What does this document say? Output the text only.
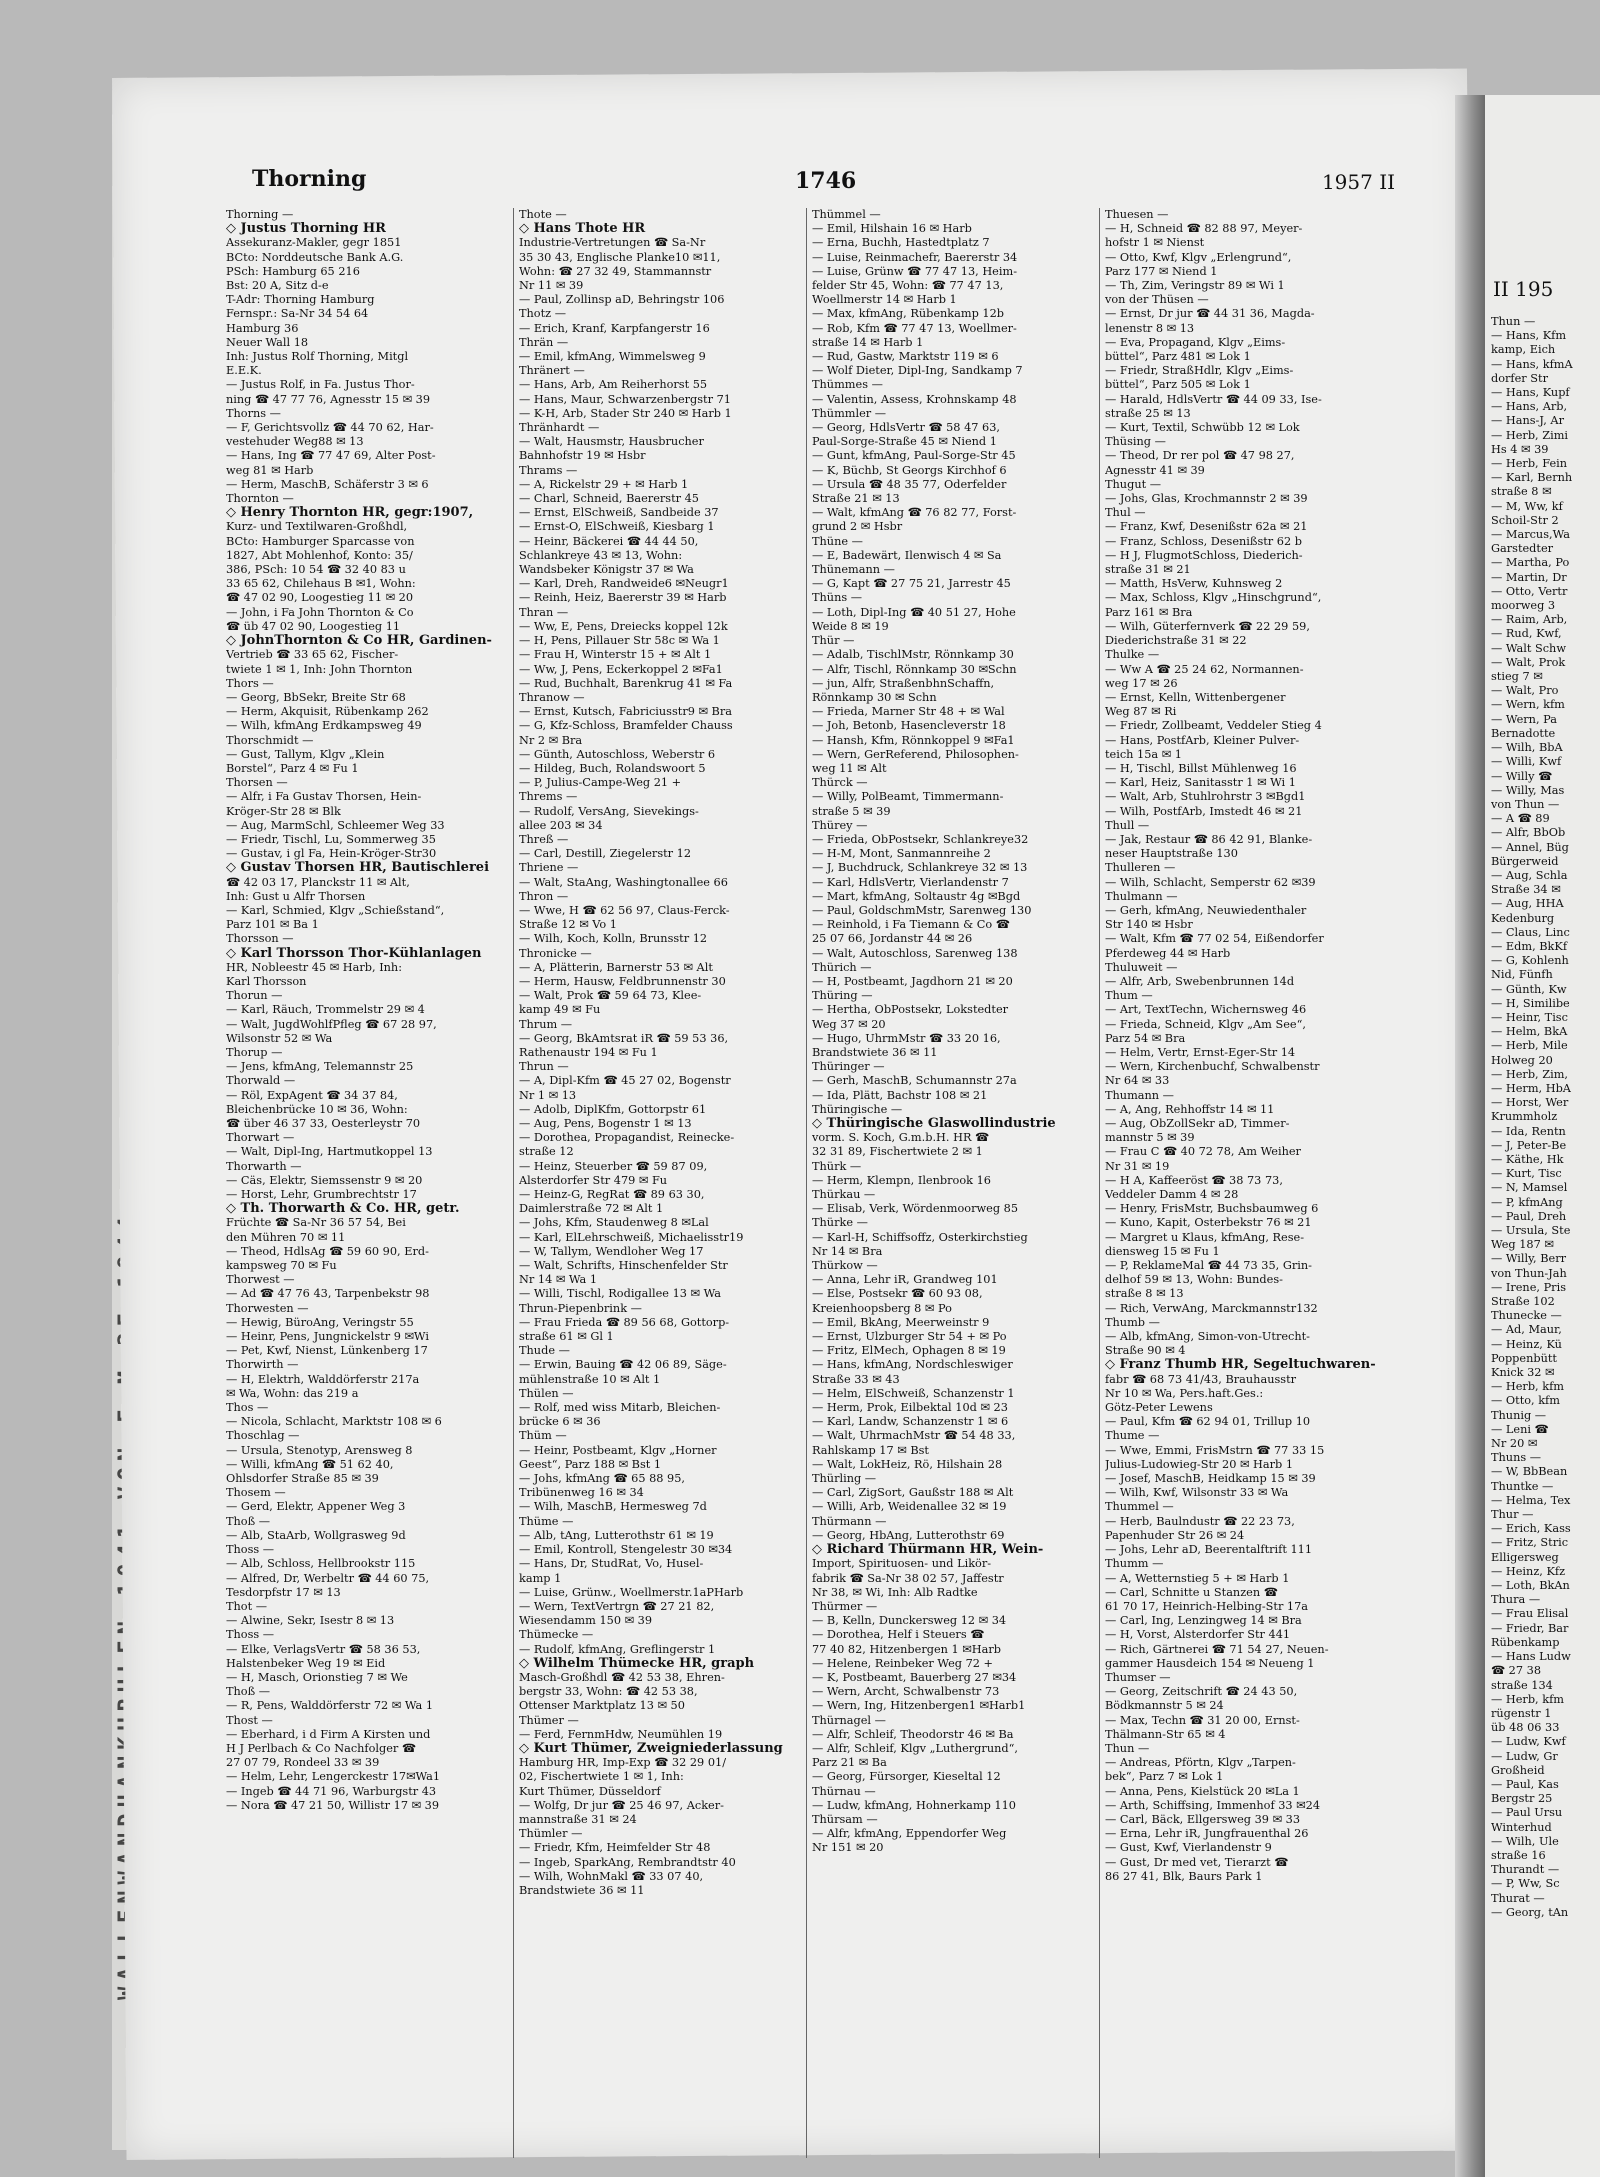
Thorning	1746	1957 II
Thorning —
◇ Justus Thorning HR
Assekuranz-Makler, gegr 1851
BCto: Norddeutsche Bank A.G.
PSch: Hamburg 65 216
Bst: 20 A, Sitz d-e
T-Adr: Thorning Hamburg
Fernspr.: Sa-Nr 34 54 64
Hamburg 36
Neuer Wall 18
Inh: Justus Rolf Thorning, Mitgl
E.E.K.
— Justus Rolf, in Fa. Justus Thor-
ning ☎ 47 77 76, Agnesstr 15 ✉ 39
Thorns —
— F, Gerichtsvollz ☎ 44 70 62, Har-
vestehuder Weg88 ✉ 13
— Hans, Ing ☎ 77 47 69, Alter Post-
weg 81 ✉ Harb
— Herm, MaschB, Schäferstr 3 ✉ 6
Thornton —
◇ Henry Thornton HR, gegr:1907,
Kurz- und Textilwaren-Großhdl,
BCto: Hamburger Sparcasse von
1827, Abt Mohlenhof, Konto: 35/
386, PSch: 10 54 ☎ 32 40 83 u
33 65 62, Chilehaus B ✉1, Wohn:
☎ 47 02 90, Loogestieg 11 ✉ 20
— John, i Fa John Thornton & Co
☎ üb 47 02 90, Loogestieg 11
◇ JohnThornton & Co HR, Gardinen-
Vertrieb ☎ 33 65 62, Fischer-
twiete 1 ✉ 1, Inh: John Thornton
Thors —
— Georg, BbSekr, Breite Str 68
— Herm, Akquisit, Rübenkamp 262
— Wilh, kfmAng Erdkampsweg 49
Thorschmidt —
— Gust, Tallym, Klgv „Klein
Borstel“, Parz 4 ✉ Fu 1
Thorsen —
— Alfr, i Fa Gustav Thorsen, Hein-
Kröger-Str 28 ✉ Blk
— Aug, MarmSchl, Schleemer Weg 33
— Friedr, Tischl, Lu, Sommerweg 35
— Gustav, i gl Fa, Hein-Kröger-Str30
◇ Gustav Thorsen HR, Bautischlerei
☎ 42 03 17, Planckstr 11 ✉ Alt,
Inh: Gust u Alfr Thorsen
— Karl, Schmied, Klgv „Schießstand“,
Parz 101 ✉ Ba 1
Thorsson —
◇ Karl Thorsson Thor-Kühlanlagen
HR, Nobleestr 45 ✉ Harb, Inh:
Karl Thorsson
Thorun —
— Karl, Räuch, Trommelstr 29 ✉ 4
— Walt, JugdWohlfPfleg ☎ 67 28 97,
Wilsonstr 52 ✉ Wa
Thorup —
— Jens, kfmAng, Telemannstr 25
Thorwald —
— Röl, ExpAgent ☎ 34 37 84,
Bleichenbrücke 10 ✉ 36, Wohn:
☎ über 46 37 33, Oesterleystr 70
Thorwart —
— Walt, Dipl-Ing, Hartmutkoppel 13
Thorwarth —
— Cäs, Elektr, Siemssenstr 9 ✉ 20
— Horst, Lehr, Grumbrechtstr 17
◇ Th. Thorwarth & Co. HR, getr.
Früchte ☎ Sa-Nr 36 57 54, Bei
den Mühren 70 ✉ 11
— Theod, HdlsAg ☎ 59 60 90, Erd-
kampsweg 70 ✉ Fu
Thorwest —
— Ad ☎ 47 76 43, Tarpenbekstr 98
Thorwesten —
— Hewig, BüroAng, Veringstr 55
— Heinr, Pens, Jungnickelstr 9 ✉Wi
— Pet, Kwf, Nienst, Lünkenberg 17
Thorwirth —
— H, Elektrh, Walddörferstr 217a
✉ Wa, Wohn: das 219 a
Thos —
— Nicola, Schlacht, Marktstr 108 ✉ 6
Thoschlag —
— Ursula, Stenotyp, Arensweg 8
— Willi, kfmAng ☎ 51 62 40,
Ohlsdorfer Straße 85 ✉ 39
Thosem —
— Gerd, Elektr, Appener Weg 3
Thoß —
— Alb, StaArb, Wollgrasweg 9d
Thoss —
— Alb, Schloss, Hellbrookstr 115
— Alfred, Dr, Werbeltr ☎ 44 60 75,
Tesdorpfstr 17 ✉ 13
Thot —
— Alwine, Sekr, Isestr 8 ✉ 13
Thoss —
— Elke, VerlagsVertr ☎ 58 36 53,
Halstenbeker Weg 19 ✉ Eid
— H, Masch, Orionstieg 7 ✉ We
Thoß —
— R, Pens, Walddörferstr 72 ✉ Wa 1
Thost —
— Eberhard, i d Firm A Kirsten und
H J Perlbach & Co Nachfolger ☎
27 07 79, Rondeel 33 ✉ 39
— Helm, Lehr, Lengerckestr 17✉Wa1
— Ingeb ☎ 44 71 96, Warburgstr 43
— Nora ☎ 47 21 50, Willistr 17 ✉ 39
Thote —
◇ Hans Thote HR
Industrie-Vertretungen ☎ Sa-Nr
35 30 43, Englische Planke10 ✉11,
Wohn: ☎ 27 32 49, Stammannstr
Nr 11 ✉ 39
— Paul, Zollinsp aD, Behringstr 106
Thotz —
— Erich, Kranf, Karpfangerstr 16
Thrän —
— Emil, kfmAng, Wimmelsweg 9
Thränert —
— Hans, Arb, Am Reiherhorst 55
— Hans, Maur, Schwarzenbergstr 71
— K-H, Arb, Stader Str 240 ✉ Harb 1
Thränhardt —
— Walt, Hausmstr, Hausbrucher
Bahnhofstr 19 ✉ Hsbr
Thrams —
— A, Rickelstr 29 + ✉ Harb 1
— Charl, Schneid, Baererstr 45
— Ernst, ElSchweiß, Sandbeide 37
— Ernst-O, ElSchweiß, Kiesbarg 1
— Heinr, Bäckerei ☎ 44 44 50,
Schlankreye 43 ✉ 13, Wohn:
Wandsbeker Königstr 37 ✉ Wa
— Karl, Dreh, Randweide6 ✉Neugr1
— Reinh, Heiz, Baererstr 39 ✉ Harb
Thran —
— Ww, E, Pens, Dreiecks koppel 12k
— H, Pens, Pillauer Str 58c ✉ Wa 1
— Frau H, Winterstr 15 + ✉ Alt 1
— Ww, J, Pens, Eckerkoppel 2 ✉Fa1
— Rud, Buchhalt, Barenkrug 41 ✉ Fa
Thranow —
— Ernst, Kutsch, Fabriciusstr9 ✉ Bra
— G, Kfz-Schloss, Bramfelder Chauss
Nr 2 ✉ Bra
— Günth, Autoschloss, Weberstr 6
— Hildeg, Buch, Rolandswoort 5
— P, Julius-Campe-Weg 21 +
Threms —
— Rudolf, VersAng, Sievekings-
allee 203 ✉ 34
Threß —
— Carl, Destill, Ziegelerstr 12
Thriene —
— Walt, StaAng, Washingtonallee 66
Thron —
— Wwe, H ☎ 62 56 97, Claus-Ferck-
Straße 12 ✉ Vo 1
— Wilh, Koch, Kolln, Brunsstr 12
Thronicke —
— A, Plätterin, Barnerstr 53 ✉ Alt
— Herm, Hausw, Feldbrunnenstr 30
— Walt, Prok ☎ 59 64 73, Klee-
kamp 49 ✉ Fu
Thrum —
— Georg, BkAmtsrat iR ☎ 59 53 36,
Rathenaustr 194 ✉ Fu 1
Thrun —
— A, Dipl-Kfm ☎ 45 27 02, Bogenstr
Nr 1 ✉ 13
— Adolb, DiplKfm, Gottorpstr 61
— Aug, Pens, Bogenstr 1 ✉ 13
— Dorothea, Propagandist, Reinecke-
straße 12
— Heinz, Steuerber ☎ 59 87 09,
Alsterdorfer Str 479 ✉ Fu
— Heinz-G, RegRat ☎ 89 63 30,
Daimlerstraße 72 ✉ Alt 1
— Johs, Kfm, Staudenweg 8 ✉Lal
— Karl, ElLehrschweiß, Michaelisstr19
— W, Tallym, Wendloher Weg 17
— Walt, Schrifts, Hinschenfelder Str
Nr 14 ✉ Wa 1
— Willi, Tischl, Rodigallee 13 ✉ Wa
Thrun-Piepenbrink —
— Frau Frieda ☎ 89 56 68, Gottorp-
straße 61 ✉ Gl 1
Thude —
— Erwin, Bauing ☎ 42 06 89, Säge-
mühlenstraße 10 ✉ Alt 1
Thülen —
— Rolf, med wiss Mitarb, Bleichen-
brücke 6 ✉ 36
Thüm —
— Heinr, Postbeamt, Klgv „Horner
Geest“, Parz 188 ✉ Bst 1
— Johs, kfmAng ☎ 65 88 95,
Tribünenweg 16 ✉ 34
— Wilh, MaschB, Hermesweg 7d
Thüme —
— Alb, tAng, Lutterothstr 61 ✉ 19
— Emil, Kontroll, Stengelestr 30 ✉34
— Hans, Dr, StudRat, Vo, Husel-
kamp 1
— Luise, Grünw., Woellmerstr.1aPHarb
— Wern, TextVertrgn ☎ 27 21 82,
Wiesendamm 150 ✉ 39
Thümecke —
— Rudolf, kfmAng, Greflingerstr 1
◇ Wilhelm Thümecke HR, graph
Masch-Großhdl ☎ 42 53 38, Ehren-
bergstr 33, Wohn: ☎ 42 53 38,
Ottenser Marktplatz 13 ✉ 50
Thümer —
— Ferd, FernmHdw, Neumühlen 19
◇ Kurt Thümer, Zweigniederlassung
Hamburg HR, Imp-Exp ☎ 32 29 01/
02, Fischertwiete 1 ✉ 1, Inh:
Kurt Thümer, Düsseldorf
— Wolfg, Dr jur ☎ 25 46 97, Acker-
mannstraße 31 ✉ 24
Thümler —
— Friedr, Kfm, Heimfelder Str 48
— Ingeb, SparkAng, Rembrandtstr 40
— Wilh, WohnMakl ☎ 33 07 40,
Brandstwiete 36 ✉ 11
Thümmel —
— Emil, Hilshain 16 ✉ Harb
— Erna, Buchh, Hastedtplatz 7
— Luise, Reinmachefr, Baererstr 34
— Luise, Grünw ☎ 77 47 13, Heim-
felder Str 45, Wohn: ☎ 77 47 13,
Woellmerstr 14 ✉ Harb 1
— Max, kfmAng, Rübenkamp 12b
— Rob, Kfm ☎ 77 47 13, Woellmer-
straße 14 ✉ Harb 1
— Rud, Gastw, Marktstr 119 ✉ 6
— Wolf Dieter, Dipl-Ing, Sandkamp 7
Thümmes —
— Valentin, Assess, Krohnskamp 48
Thümmler —
— Georg, HdlsVertr ☎ 58 47 63,
Paul-Sorge-Straße 45 ✉ Niend 1
— Gunt, kfmAng, Paul-Sorge-Str 45
— K, Büchb, St Georgs Kirchhof 6
— Ursula ☎ 48 35 77, Oderfelder
Straße 21 ✉ 13
— Walt, kfmAng ☎ 76 82 77, Forst-
grund 2 ✉ Hsbr
Thüne —
— E, Badewärt, Ilenwisch 4 ✉ Sa
Thünemann —
— G, Kapt ☎ 27 75 21, Jarrestr 45
Thüns —
— Loth, Dipl-Ing ☎ 40 51 27, Hohe
Weide 8 ✉ 19
Thür —
— Adalb, TischlMstr, Rönnkamp 30
— Alfr, Tischl, Rönnkamp 30 ✉Schn
— jun, Alfr, StraßenbhnSchaffn,
Rönnkamp 30 ✉ Schn
— Frieda, Marner Str 48 + ✉ Wal
— Joh, Betonb, Hasencleverstr 18
— Hansh, Kfm, Rönnkoppel 9 ✉Fa1
— Wern, GerReferend, Philosophen-
weg 11 ✉ Alt
Thürck —
— Willy, PolBeamt, Timmermann-
straße 5 ✉ 39
Thürey —
— Frieda, ObPostsekr, Schlankreye32
— H-M, Mont, Sanmannreihe 2
— J, Buchdruck, Schlankreye 32 ✉ 13
— Karl, HdlsVertr, Vierlandenstr 7
— Mart, kfmAng, Soltaustr 4g ✉Bgd
— Paul, GoldschmMstr, Sarenweg 130
— Reinhold, i Fa Tiemann & Co ☎
25 07 66, Jordanstr 44 ✉ 26
— Walt, Autoschloss, Sarenweg 138
Thürich —
— H, Postbeamt, Jagdhorn 21 ✉ 20
Thüring —
— Hertha, ObPostsekr, Lokstedter
Weg 37 ✉ 20
— Hugo, UhrmMstr ☎ 33 20 16,
Brandstwiete 36 ✉ 11
Thüringer —
— Gerh, MaschB, Schumannstr 27a
— Ida, Plätt, Bachstr 108 ✉ 21
Thüringische —
◇ Thüringische Glaswollindustrie
vorm. S. Koch, G.m.b.H. HR ☎
32 31 89, Fischertwiete 2 ✉ 1
Thürk —
— Herm, Klempn, Ilenbrook 16
Thürkau —
— Elisab, Verk, Wördenmoorweg 85
Thürke —
— Karl-H, Schiffsoffz, Osterkirchstieg
Nr 14 ✉ Bra
Thürkow —
— Anna, Lehr iR, Grandweg 101
— Else, Postsekr ☎ 60 93 08,
Kreienhoopsberg 8 ✉ Po
— Emil, BkAng, Meerweinstr 9
— Ernst, Ulzburger Str 54 + ✉ Po
— Fritz, ElMech, Ophagen 8 ✉ 19
— Hans, kfmAng, Nordschleswiger
Straße 33 ✉ 43
— Helm, ElSchweiß, Schanzenstr 1
— Herm, Prok, Eilbektal 10d ✉ 23
— Karl, Landw, Schanzenstr 1 ✉ 6
— Walt, UhrmachMstr ☎ 54 48 33,
Rahlskamp 17 ✉ Bst
— Walt, LokHeiz, Rö, Hilshain 28
Thürling —
— Carl, ZigSort, Gaußstr 188 ✉ Alt
— Willi, Arb, Weidenallee 32 ✉ 19
Thürmann —
— Georg, HbAng, Lutterothstr 69
◇ Richard Thürmann HR, Wein-
Import, Spirituosen- und Likör-
fabrik ☎ Sa-Nr 38 02 57, Jaffestr
Nr 38, ✉ Wi, Inh: Alb Radtke
Thürmer —
— B, Kelln, Dunckersweg 12 ✉ 34
— Dorothea, Helf i Steuers ☎
77 40 82, Hitzenbergen 1 ✉Harb
— Helene, Reinbeker Weg 72 +
— K, Postbeamt, Bauerberg 27 ✉34
— Wern, Archt, Schwalbenstr 73
— Wern, Ing, Hitzenbergen1 ✉Harb1
Thürnagel —
— Alfr, Schleif, Theodorstr 46 ✉ Ba
— Alfr, Schleif, Klgv „Luthergrund“,
Parz 21 ✉ Ba
— Georg, Fürsorger, Kieseltal 12
Thürnau —
— Ludw, kfmAng, Hohnerkamp 110
Thürsam —
— Alfr, kfmAng, Eppendorfer Weg
Nr 151 ✉ 20
Thuesen —
— H, Schneid ☎ 82 88 97, Meyer-
hofstr 1 ✉ Nienst
— Otto, Kwf, Klgv „Erlengrund“,
Parz 177 ✉ Niend 1
— Th, Zim, Veringstr 89 ✉ Wi 1
von der Thüsen —
— Ernst, Dr jur ☎ 44 31 36, Magda-
lenenstr 8 ✉ 13
— Eva, Propagand, Klgv „Eims-
büttel“, Parz 481 ✉ Lok 1
— Friedr, StraßHdlr, Klgv „Eims-
büttel“, Parz 505 ✉ Lok 1
— Harald, HdlsVertr ☎ 44 09 33, Ise-
straße 25 ✉ 13
— Kurt, Textil, Schwübb 12 ✉ Lok
Thüsing —
— Theod, Dr rer pol ☎ 47 98 27,
Agnesstr 41 ✉ 39
Thugut —
— Johs, Glas, Krochmannstr 2 ✉ 39
Thul —
— Franz, Kwf, Desenißstr 62a ✉ 21
— Franz, Schloss, Desenißstr 62 b
— H J, FlugmotSchloss, Diederich-
straße 31 ✉ 21
— Matth, HsVerw, Kuhnsweg 2
— Max, Schloss, Klgv „Hinschgrund“,
Parz 161 ✉ Bra
— Wilh, Güterfernverk ☎ 22 29 59,
Diederichstraße 31 ✉ 22
Thulke —
— Ww A ☎ 25 24 62, Normannen-
weg 17 ✉ 26
— Ernst, Kelln, Wittenbergener
Weg 87 ✉ Ri
— Friedr, Zollbeamt, Veddeler Stieg 4
— Hans, PostfArb, Kleiner Pulver-
teich 15a ✉ 1
— H, Tischl, Billst Mühlenweg 16
— Karl, Heiz, Sanitasstr 1 ✉ Wi 1
— Walt, Arb, Stuhlrohrstr 3 ✉Bgd1
— Wilh, PostfArb, Imstedt 46 ✉ 21
Thull —
— Jak, Restaur ☎ 86 42 91, Blanke-
neser Hauptstraße 130
Thulleren —
— Wilh, Schlacht, Semperstr 62 ✉39
Thulmann —
— Gerh, kfmAng, Neuwiedenthaler
Str 140 ✉ Hsbr
— Walt, Kfm ☎ 77 02 54, Eißendorfer
Pferdeweg 44 ✉ Harb
Thuluweit —
— Alfr, Arb, Swebenbrunnen 14d
Thum —
— Art, TextTechn, Wichernsweg 46
— Frieda, Schneid, Klgv „Am See“,
Parz 54 ✉ Bra
— Helm, Vertr, Ernst-Eger-Str 14
— Wern, Kirchenbuchf, Schwalbenstr
Nr 64 ✉ 33
Thumann —
— A, Ang, Rehhoffstr 14 ✉ 11
— Aug, ObZollSekr aD, Timmer-
mannstr 5 ✉ 39
— Frau C ☎ 40 72 78, Am Weiher
Nr 31 ✉ 19
— H A, Kaffeeröst ☎ 38 73 73,
Veddeler Damm 4 ✉ 28
— Henry, FrisMstr, Buchsbaumweg 6
— Kuno, Kapit, Osterbekstr 76 ✉ 21
— Margret u Klaus, kfmAng, Rese-
diensweg 15 ✉ Fu 1
— P, ReklameMal ☎ 44 73 35, Grin-
delhof 59 ✉ 13, Wohn: Bundes-
straße 8 ✉ 13
— Rich, VerwAng, Marckmannstr132
Thumb —
— Alb, kfmAng, Simon-von-Utrecht-
Straße 90 ✉ 4
◇ Franz Thumb HR, Segeltuchwaren-
fabr ☎ 68 73 41/43, Brauhausstr
Nr 10 ✉ Wa, Pers.haft.Ges.:
Götz-Peter Lewens
— Paul, Kfm ☎ 62 94 01, Trillup 10
Thume —
— Wwe, Emmi, FrisMstrn ☎ 77 33 15
Julius-Ludowieg-Str 20 ✉ Harb 1
— Josef, MaschB, Heidkamp 15 ✉ 39
— Wilh, Kwf, Wilsonstr 33 ✉ Wa
Thummel —
— Herb, Baulndustr ☎ 22 23 73,
Papenhuder Str 26 ✉ 24
— Johs, Lehr aD, Beerentalftrift 111
Thumm —
— A, Wetternstieg 5 + ✉ Harb 1
— Carl, Schnitte u Stanzen ☎
61 70 17, Heinrich-Helbing-Str 17a
— Carl, Ing, Lenzingweg 14 ✉ Bra
— H, Vorst, Alsterdorfer Str 441
— Rich, Gärtnerei ☎ 71 54 27, Neuen-
gammer Hausdeich 154 ✉ Neueng 1
Thumser —
— Georg, Zeitschrift ☎ 24 43 50,
Bödkmannstr 5 ✉ 24
— Max, Techn ☎ 31 20 00, Ernst-
Thälmann-Str 65 ✉ 4
Thun —
— Andreas, Pförtn, Klgv „Tarpen-
bek“, Parz 7 ✉ Lok 1
— Anna, Pens, Kielstück 20 ✉La 1
— Arth, Schiffsing, Immenhof 33 ✉24
— Carl, Bäck, Ellgersweg 39 ✉ 33
— Erna, Lehr iR, Jungfrauenthal 26
— Gust, Kwf, Vierlandenstr 9
— Gust, Dr med vet, Tierarzt ☎
86 27 41, Blk, Baurs Park 1
II 195
Thun —
— Hans, Kfm
kamp, Eich
— Hans, kfmA
dorfer Str
— Hans, Kupf
— Hans, Arb,
— Hans-J, Ar
— Herb, Zimi
Hs 4 ✉ 39
— Herb, Fein
— Karl, Bernh
straße 8 ✉
— M, Ww, kf
Schoil-Str 2
— Marcus,Wa
Garstedter
— Martha, Po
— Martin, Dr
— Otto, Vertr
moorweg 3
— Raim, Arb,
— Rud, Kwf,
— Walt Schw
— Walt, Prok
stieg 7 ✉
— Walt, Pro
— Wern, kfm
— Wern, Pa
Bernadotte
— Wilh, BbA
— Willi, Kwf
— Willy ☎
— Willy, Mas
von Thun —
— A ☎ 89
— Alfr, BbOb
— Annel, Büg
Bürgerweid
— Aug, Schla
Straße 34 ✉
— Aug, HHA
Kedenburg
— Claus, Linc
— Edm, BkKf
— G, Kohlenh
Nid, Fünfh
— Günth, Kw
— H, Similibe
— Heinr, Tisc
— Helm, BkA
— Herb, Mile
Holweg 20
— Herb, Zim,
— Herm, HbA
— Horst, Wer
Krummholz
— Ida, Rentn
— J, Peter-Be
— Käthe, Hk
— Kurt, Tisc
— N, Mamsel
— P, kfmAng
— Paul, Dreh
— Ursula, Ste
Weg 187 ✉
— Willy, Berr
von Thun-Jah
— Irene, Pris
Straße 102
Thunecke —
— Ad, Maur,
— Heinz, Kü
Poppenbütt
Knick 32 ✉
— Herb, kfm
— Otto, kfm
Thunig —
— Leni ☎
Nr 20 ✉
Thuns —
— W, BbBean
Thuntke —
— Helma, Tex
Thur —
— Erich, Kass
— Fritz, Stric
Elligersweg
— Heinz, Kfz
— Loth, BkAn
Thura —
— Frau Elisal
— Friedr, Bar
Rübenkamp
— Hans Ludw
☎ 27 38
straße 134
— Herb, kfm
rügenstr 1
üb 48 06 33
— Ludw, Kwf
— Ludw, Gr
Großheid
— Paul, Kas
Bergstr 25
— Paul Ursu
Winterhud
— Wilh, Ule
straße 16
Thurandt —
— P, Ww, Sc
Thurat —
— Georg, tAn
